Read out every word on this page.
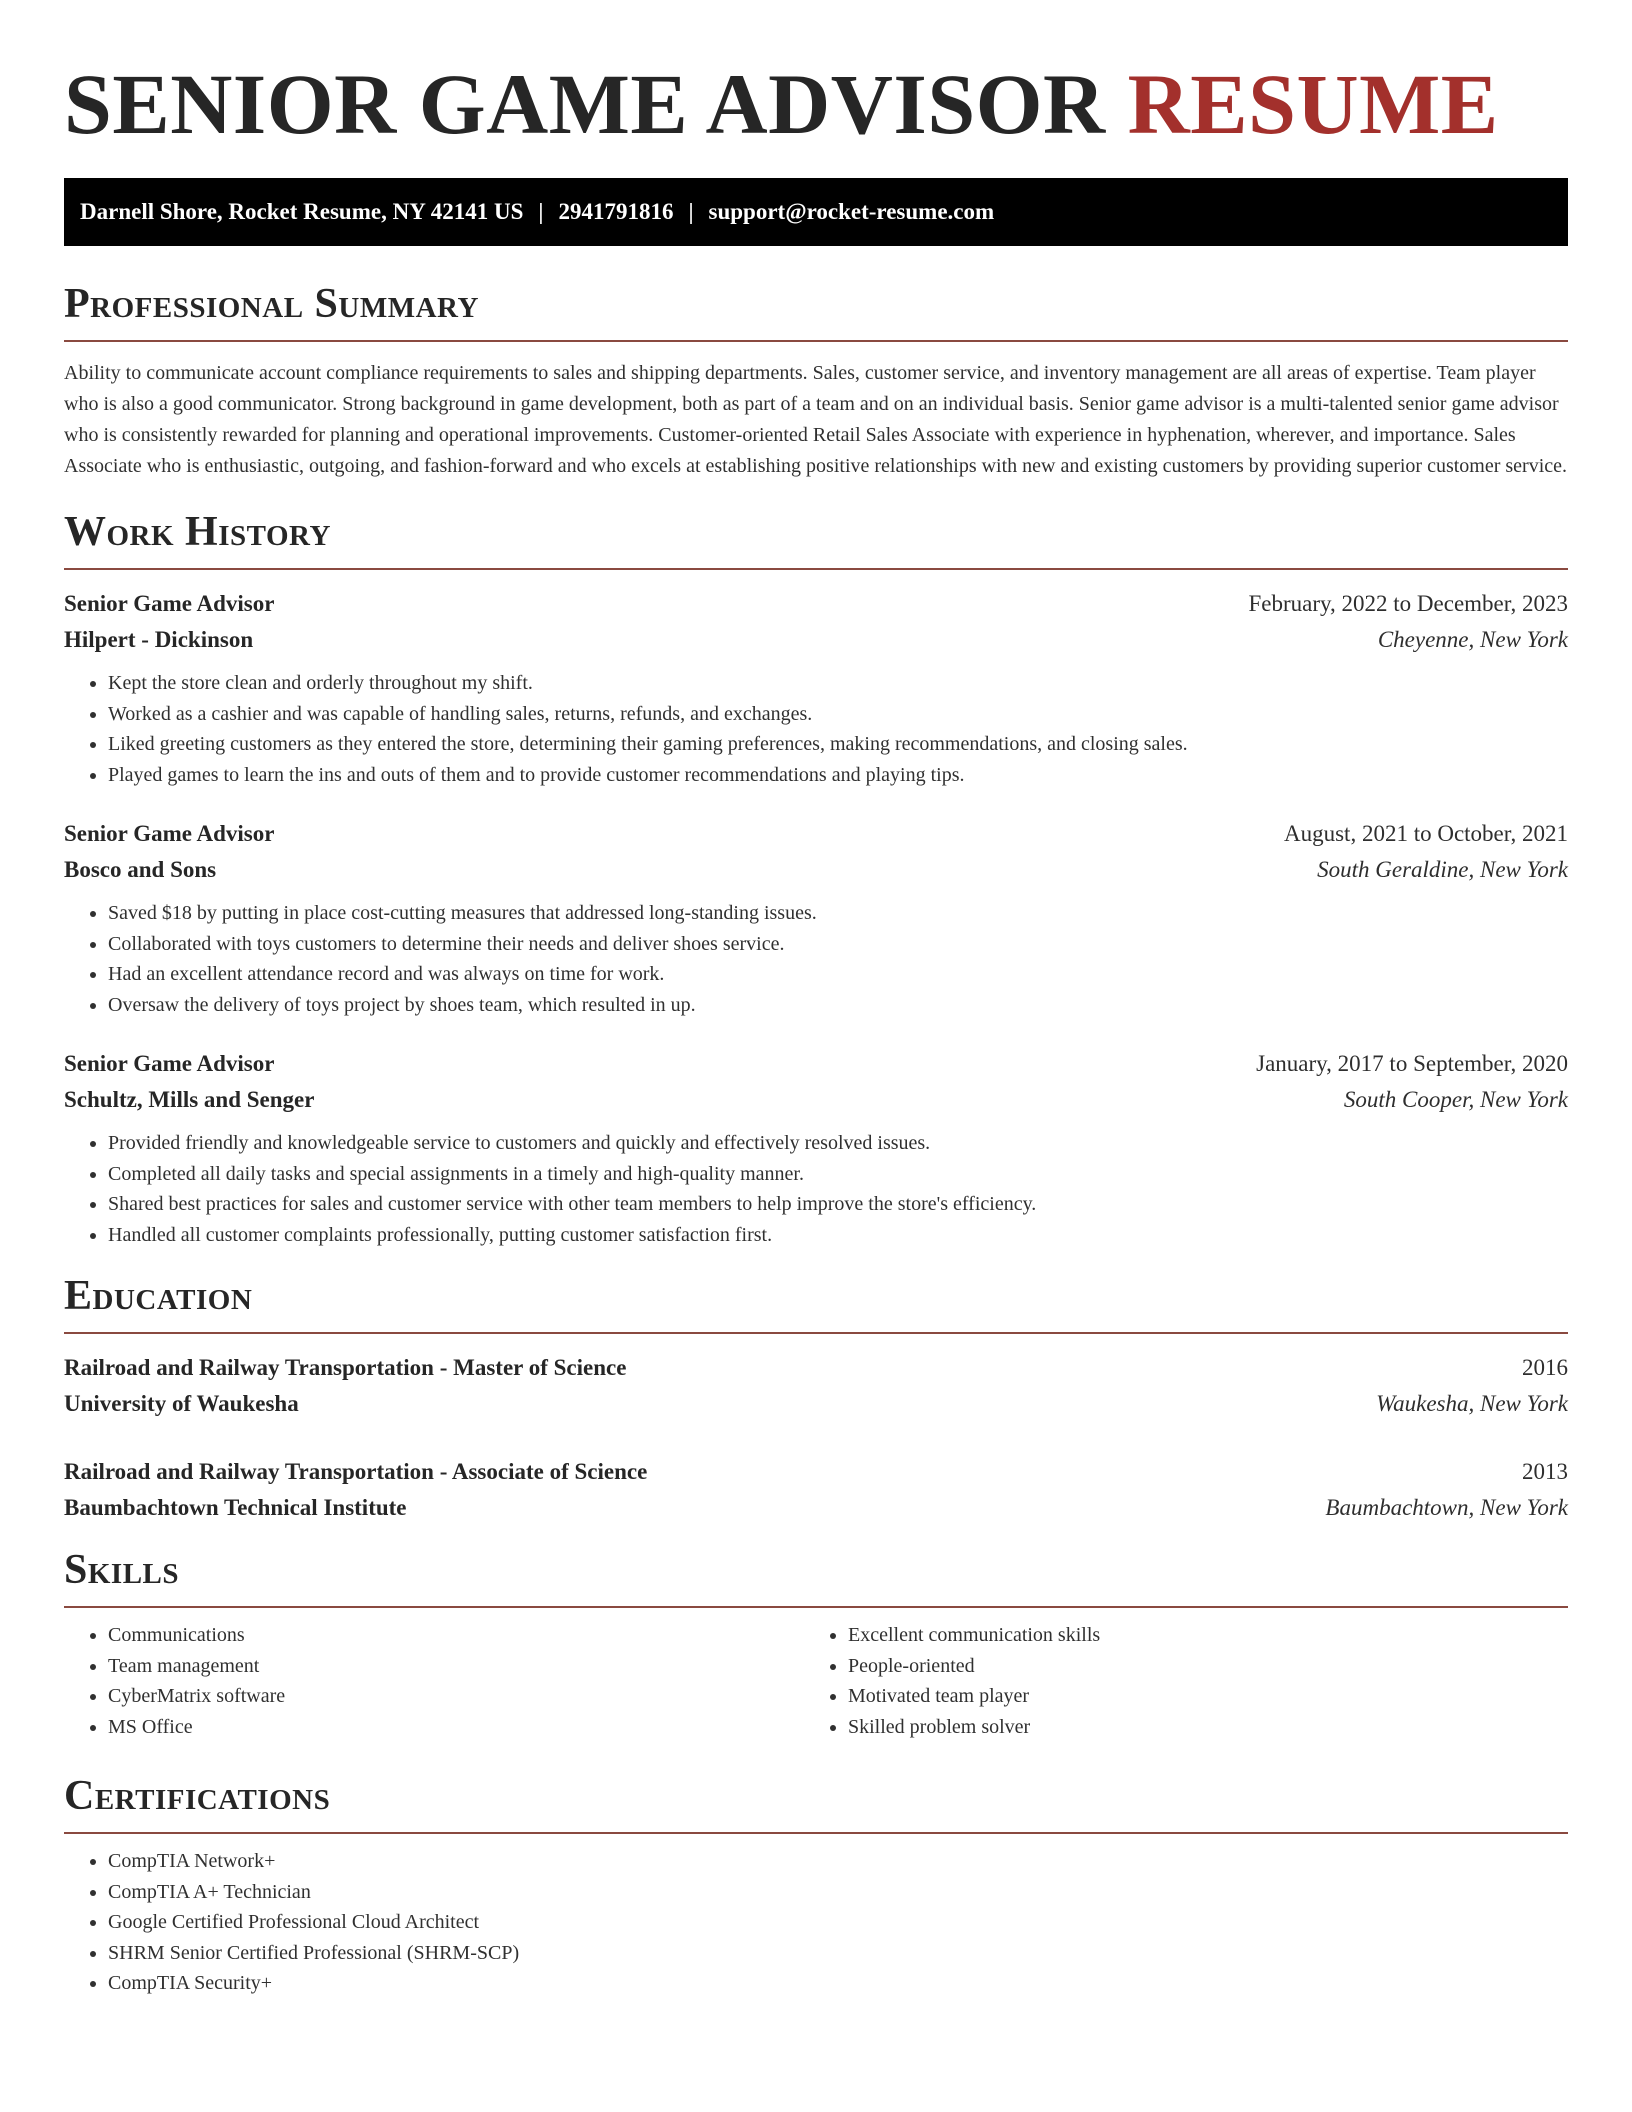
SENIOR GAME ADVISOR RESUME
Darnell Shore, Rocket Resume, NY 42141 US | 2941791816 | support@rocket-resume.com
Professional Summary

Ability to communicate account compliance requirements to sales and shipping departments. Sales, customer service, and inventory management are all areas of expertise. Team player who is also a good communicator. Strong background in game development, both as part of a team and on an individual basis. Senior game advisor is a multi-talented senior game advisor who is consistently rewarded for planning and operational improvements. Customer-oriented Retail Sales Associate with experience in hyphenation, wherever, and importance. Sales Associate who is enthusiastic, outgoing, and fashion-forward and who excels at establishing positive relationships with new and existing customers by providing superior customer service.

Work History
Senior Game Advisor	February, 2022 to December, 2023
Hilpert - Dickinson	Cheyenne, New York
• Kept the store clean and orderly throughout my shift.
• Worked as a cashier and was capable of handling sales, returns, refunds, and exchanges.
• Liked greeting customers as they entered the store, determining their gaming preferences, making recommendations, and closing sales.
• Played games to learn the ins and outs of them and to provide customer recommendations and playing tips.
Senior Game Advisor	August, 2021 to October, 2021
Bosco and Sons	South Geraldine, New York
• Saved $18 by putting in place cost-cutting measures that addressed long-standing issues.
• Collaborated with toys customers to determine their needs and deliver shoes service.
• Had an excellent attendance record and was always on time for work.
• Oversaw the delivery of toys project by shoes team, which resulted in up.
Senior Game Advisor	January, 2017 to September, 2020
Schultz, Mills and Senger	South Cooper, New York
• Provided friendly and knowledgeable service to customers and quickly and effectively resolved issues.
• Completed all daily tasks and special assignments in a timely and high-quality manner.
• Shared best practices for sales and customer service with other team members to help improve the store's efficiency.
• Handled all customer complaints professionally, putting customer satisfaction first.
Education
Railroad and Railway Transportation - Master of Science	2016
University of Waukesha	Waukesha, New York
Railroad and Railway Transportation - Associate of Science	2013
Baumbachtown Technical Institute	Baumbachtown, New York
Skills
• Communications
• Team management
• CyberMatrix software
• MS Office
• Excellent communication skills
• People-oriented
• Motivated team player
• Skilled problem solver
Certifications
• CompTIA Network+
• CompTIA A+ Technician
• Google Certified Professional Cloud Architect
• SHRM Senior Certified Professional (SHRM-SCP)
• CompTIA Security+
